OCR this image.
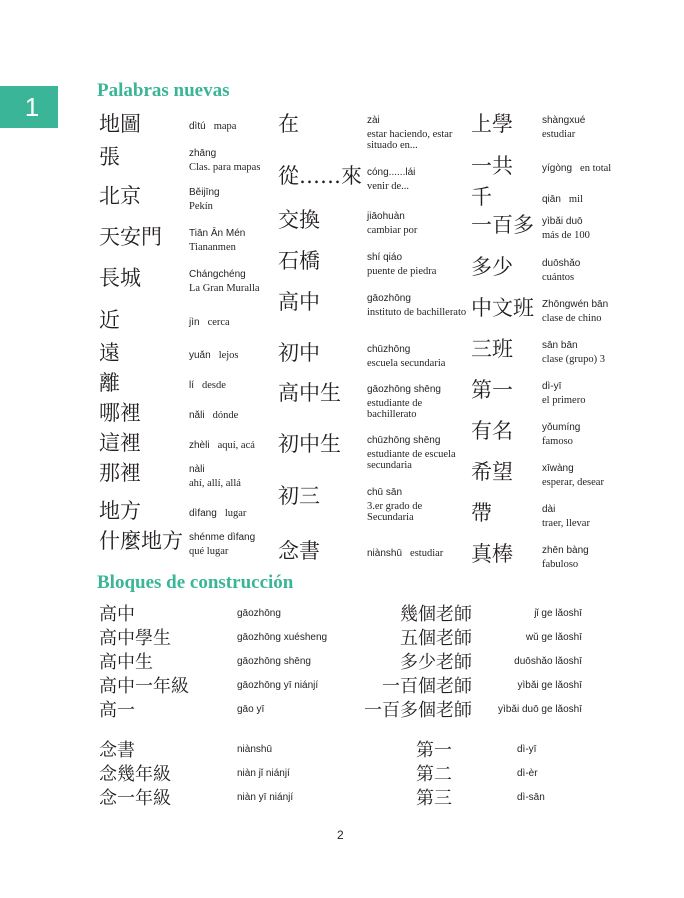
1
Palabras nuevas
Bloques de construcción
地圖	dìtú mapa
張	zhāng
Clas. para mapas
北京	Běijīng
Pekín
天安門	Tiān Ān Mén
Tiananmen
長城	Chángchéng
La Gran Muralla
近	jìn cerca
遠	yuǎn lejos
離	lí desde
哪裡	nǎli dónde
這裡	zhèli aquí, acá
那裡	nàli
ahí, allí, allá
地方	dìfang lugar
什麼地方 shénme dìfang
qué lugar
在	zài
estar haciendo, estar situado en...
從……來 cóng......lái
venir de...
交換	jiāohuàn
cambiar por
石橋	shí qiáo
puente de piedra
高中	gāozhōng
instituto de bachillerato
初中	chūzhōng
escuela secundaria
高中生	gāozhōng shēng
estudiante de bachillerato
初中生	chūzhōng shēng
estudiante de escuela secundaria
初三	chū sān
3.er grado de Secundaria
念書	niànshū estudiar
上學	shàngxué
estudiar
一共	yígòng en total
千	qiān mil
一百多 yìbǎi duō
más de 100
多少	duōshǎo
cuántos
中文班 Zhōngwén bān
clase de chino
三班	sān bān
clase (grupo) 3
第一	dì-yī
el primero
有名	yǒumíng
famoso
希望	xīwàng
esperar, desear
帶	dài
traer, llevar
真棒	zhēn bàng
fabuloso
高中	gāozhōng
高中學生	gāozhōng xuésheng
高中生	gāozhōng shēng
高中一年級	gāozhōng yī niánjí
高一	gāo yī
幾個老師	jǐ ge lǎoshī
五個老師	wǔ ge lǎoshī
多少老師	duōshǎo lǎoshī
一百個老師	yìbǎi ge lǎoshī
一百多個老師	yìbǎi duō ge lǎoshī
念書	niànshū
念幾年級	niàn jǐ niánjí
念一年級	niàn yī niánjí
第一	dì-yī
第二	dì-èr
第三	dì-sān
2
